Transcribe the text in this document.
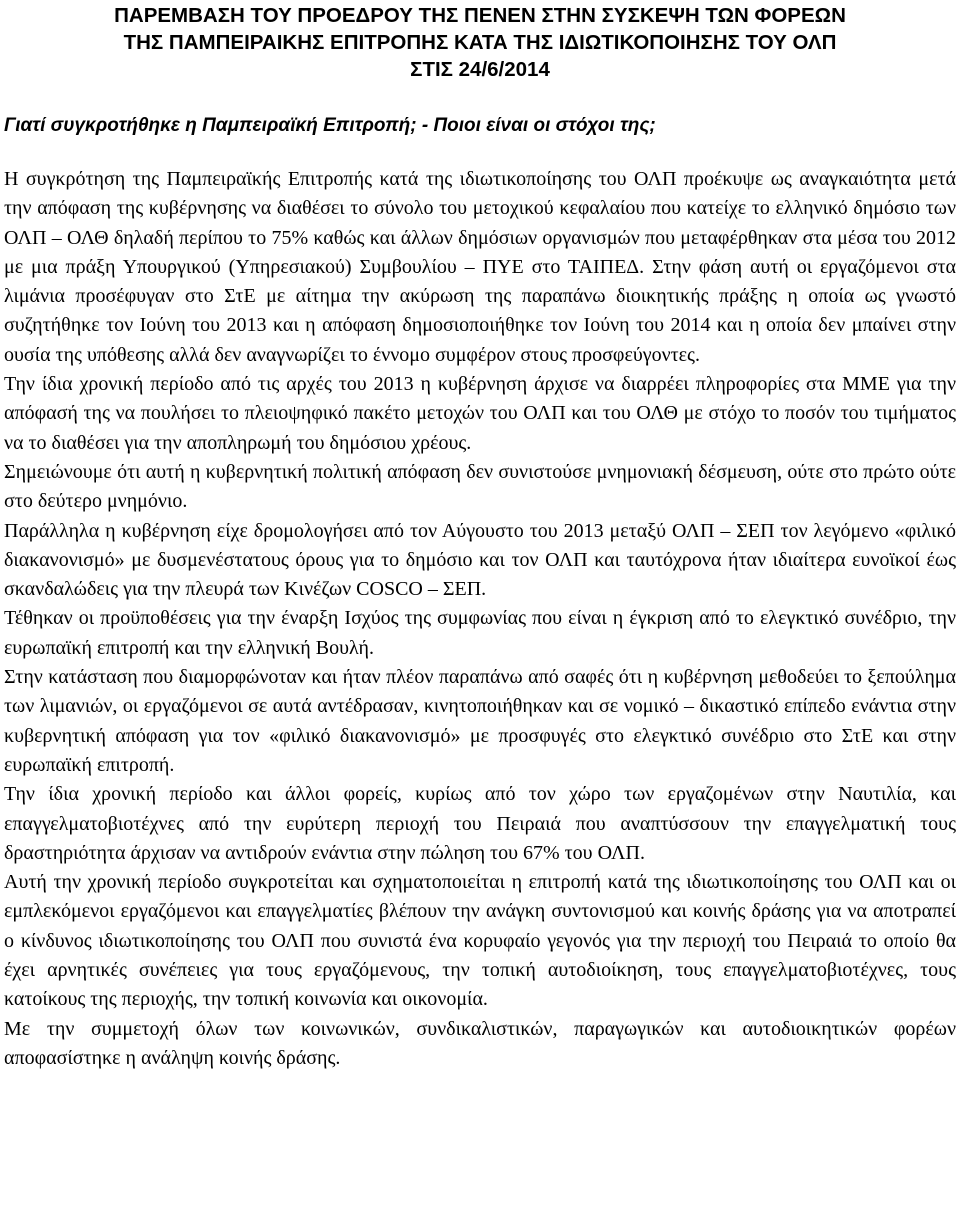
ΠΑΡΕΜΒΑΣΗ ΤΟΥ ΠΡΟΕΔΡΟΥ ΤΗΣ ΠΕΝΕΝ ΣΤΗΝ ΣΥΣΚΕΨΗ ΤΩΝ ΦΟΡΕΩΝ
ΤΗΣ ΠΑΜΠΕΙΡΑΙΚΗΣ ΕΠΙΤΡΟΠΗΣ ΚΑΤΑ ΤΗΣ ΙΔΙΩΤΙΚΟΠΟΙΗΣΗΣ ΤΟΥ ΟΛΠ
ΣΤΙΣ 24/6/2014
Γιατί συγκροτήθηκε η Παμπειραϊκή Επιτροπή; - Ποιοι είναι οι στόχοι της;

Η συγκρότηση της Παμπειραϊκής Επιτροπής κατά της ιδιωτικοποίησης του ΟΛΠ προέκυψε ως αναγκαιότητα μετά την απόφαση της κυβέρνησης να διαθέσει το σύνολο του μετοχικού κεφαλαίου που κατείχε το ελληνικό δημόσιο των ΟΛΠ – ΟΛΘ δηλαδή περίπου το 75% καθώς και άλλων δημόσιων οργανισμών που μεταφέρθηκαν στα μέσα του 2012 με μια πράξη Υπουργικού (Υπηρεσιακού) Συμβουλίου – ΠΥΕ στο ΤΑΙΠΕΔ. Στην φάση αυτή οι εργαζόμενοι στα λιμάνια προσέφυγαν στο ΣτΕ με αίτημα την ακύρωση της παραπάνω διοικητικής πράξης η οποία ως γνωστό συζητήθηκε τον Ιούνη του 2013 και η απόφαση δημοσιοποιήθηκε τον Ιούνη του 2014 και η οποία δεν μπαίνει στην ουσία της υπόθεσης αλλά δεν αναγνωρίζει το έννομο συμφέρον στους προσφεύγοντες.

Την ίδια χρονική περίοδο από τις αρχές του 2013 η κυβέρνηση άρχισε να διαρρέει πληροφορίες στα ΜΜΕ για την απόφασή της να πουλήσει το πλειοψηφικό πακέτο μετοχών του ΟΛΠ και του ΟΛΘ με στόχο το ποσόν του τιμήματος να το διαθέσει για την αποπληρωμή του δημόσιου χρέους.

Σημειώνουμε ότι αυτή η κυβερνητική πολιτική απόφαση δεν συνιστούσε μνημονιακή δέσμευση, ούτε στο πρώτο ούτε στο δεύτερο μνημόνιο.

Παράλληλα η κυβέρνηση είχε δρομολογήσει από τον Αύγουστο του 2013 μεταξύ ΟΛΠ – ΣΕΠ τον λεγόμενο «φιλικό διακανονισμό» με δυσμενέστατους όρους για το δημόσιο και τον ΟΛΠ και ταυτόχρονα ήταν ιδιαίτερα ευνοϊκοί έως σκανδαλώδεις για την πλευρά των Κινέζων COSCO – ΣΕΠ.

Τέθηκαν οι προϋποθέσεις για την έναρξη Ισχύος της συμφωνίας που είναι η έγκριση από το ελεγκτικό συνέδριο, την ευρωπαϊκή επιτροπή και την ελληνική Βουλή.

Στην κατάσταση που διαμορφώνοταν και ήταν πλέον παραπάνω από σαφές ότι η κυβέρνηση μεθοδεύει το ξεπούλημα των λιμανιών, οι εργαζόμενοι σε αυτά αντέδρασαν, κινητοποιήθηκαν και σε νομικό – δικαστικό επίπεδο ενάντια στην κυβερνητική απόφαση για τον «φιλικό διακανονισμό» με προσφυγές στο ελεγκτικό συνέδριο στο ΣτΕ και στην ευρωπαϊκή επιτροπή.

Την ίδια χρονική περίοδο και άλλοι φορείς, κυρίως από τον χώρο των εργαζομένων στην Ναυτιλία, και επαγγελματοβιοτέχνες από την ευρύτερη περιοχή του Πειραιά που αναπτύσσουν την επαγγελματική τους δραστηριότητα άρχισαν να αντιδρούν ενάντια στην πώληση του 67% του ΟΛΠ.

Αυτή την χρονική περίοδο συγκροτείται και σχηματοποιείται η επιτροπή κατά της ιδιωτικοποίησης του ΟΛΠ και οι εμπλεκόμενοι εργαζόμενοι και επαγγελματίες βλέπουν την ανάγκη συντονισμού και κοινής δράσης για να αποτραπεί ο κίνδυνος ιδιωτικοποίησης του ΟΛΠ που συνιστά ένα κορυφαίο γεγονός για την περιοχή του Πειραιά το οποίο θα έχει αρνητικές συνέπειες για τους εργαζόμενους, την τοπική αυτοδιοίκηση, τους επαγγελματοβιοτέχνες, τους κατοίκους της περιοχής, την τοπική κοινωνία και οικονομία.

Με την συμμετοχή όλων των κοινωνικών, συνδικαλιστικών, παραγωγικών και αυτοδιοικητικών φορέων αποφασίστηκε η ανάληψη κοινής δράσης.
